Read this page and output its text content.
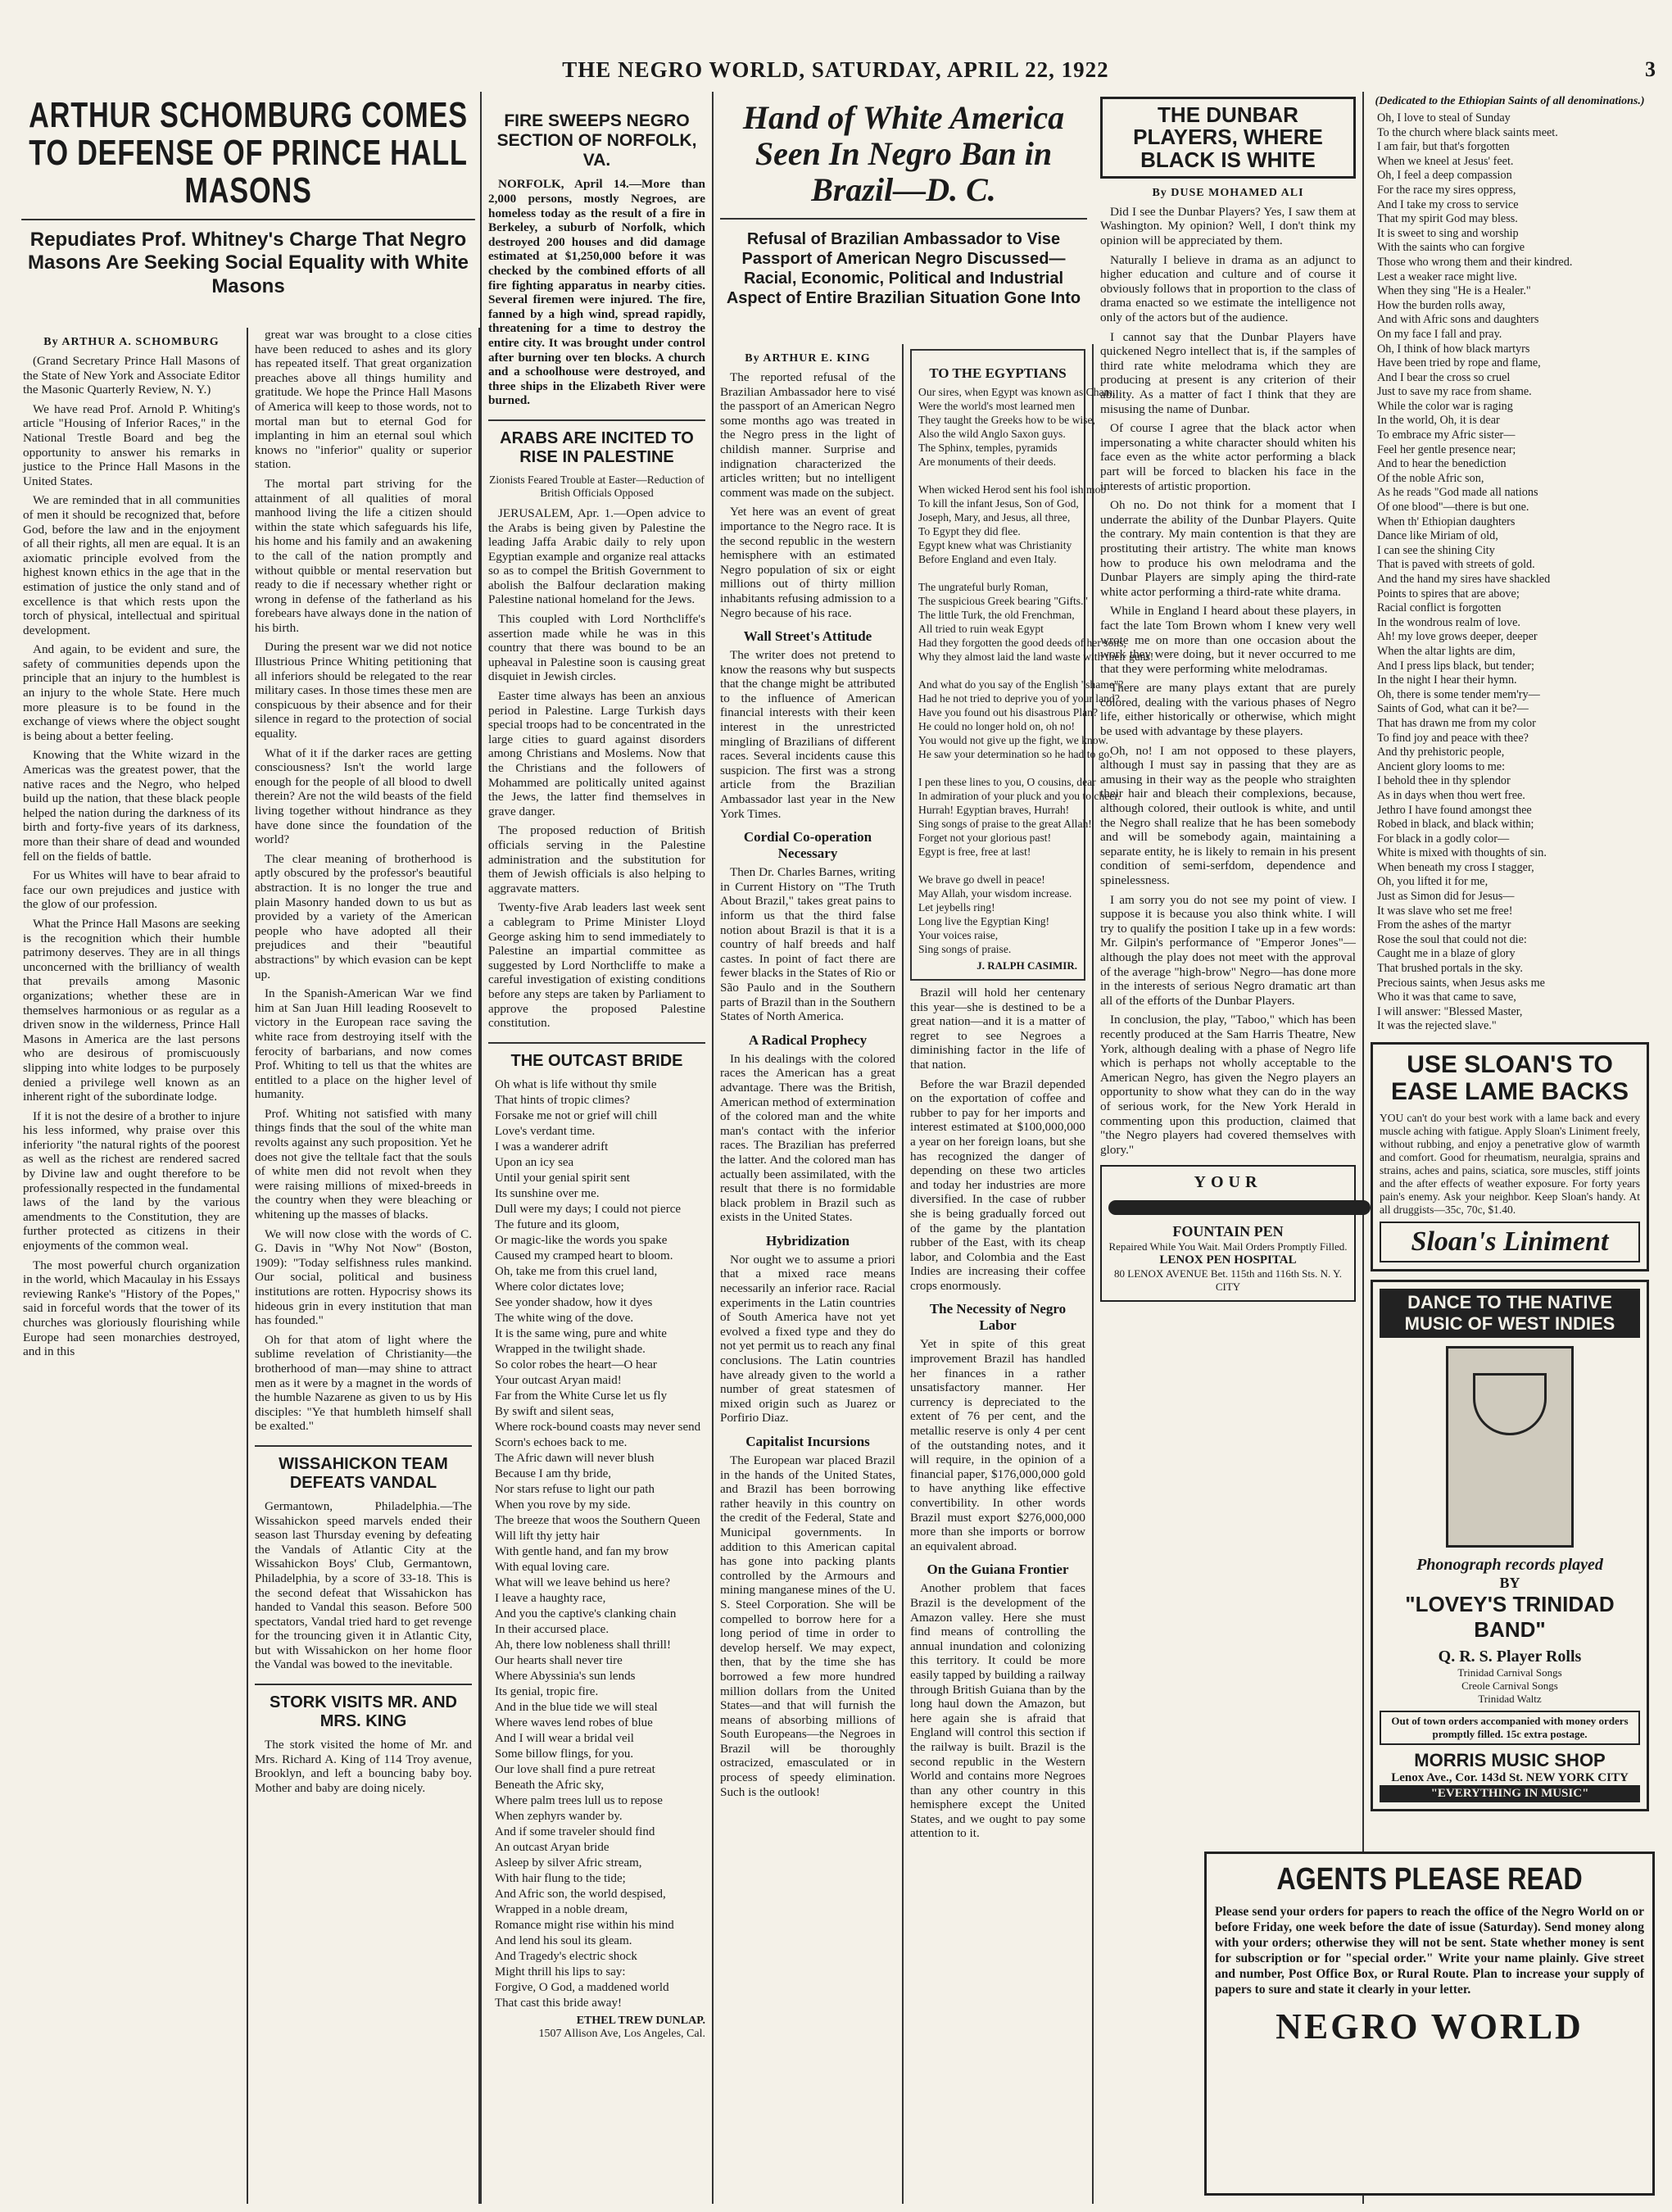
THE NEGRO WORLD, SATURDAY, APRIL 22, 1922	3
ARTHUR SCHOMBURG COMES TO DEFENSE OF PRINCE HALL MASONS
Repudiates Prof. Whitney's Charge That Negro Masons Are Seeking Social Equality with White Masons
By ARTHUR A. SCHOMBURG

(Grand Secretary Prince Hall Masons of the State of New York and Associate Editor the Masonic Quarterly Review, N. Y.)

We have read Prof. Arnold P. Whiting's article "Housing of Inferior Races," in the National Trestle Board and beg the opportunity to answer his remarks in justice to the Prince Hall Masons in the United States.

We are reminded that in all communities of men it should be recognized that, before God, before the law and in the enjoyment of all their rights, all men are equal. It is an axiomatic principle evolved from the highest known ethics in the age that in the estimation of justice the only stand and of excellence is that which rests upon the torch of physical, intellectual and spiritual development.

And again, to be evident and sure, the safety of communities depends upon the principle that an injury to the humblest is an injury to the whole State. Here much more pleasure is to be found in the exchange of views where the object sought is being about a better feeling.

Knowing that the White wizard in the Americas was the greatest power, that the native races and the Negro, who helped build up the nation, that these black people helped the nation during the darkness of its birth and forty-five years of its darkness, more than their share of dead and wounded fell on the fields of battle.

For us Whites will have to bear afraid to face our own prejudices and justice with the glow of our profession.

What the Prince Hall Masons are seeking is the recognition which their humble patrimony deserves. They are in all things unconcerned with the brilliancy of wealth that prevails among Masonic organizations; whether these are in themselves harmonious or as regular as a driven snow in the wilderness, Prince Hall Masons in America are the last persons who are desirous of promiscuously slipping into white lodges to be purposely denied a privilege well known as an inherent right of the subordinate lodge.

If it is not the desire of a brother to injure his less informed, why praise over this inferiority "the natural rights of the poorest as well as the richest are rendered sacred by Divine law and ought therefore to be professionally respected in the fundamental laws of the land by the various amendments to the Constitution, they are further protected as citizens in their enjoyments of the common weal.

The most powerful church organization in the world, which Macaulay in his Essays reviewing Ranke's "History of the Popes," said in forceful words that the tower of its churches was gloriously flourishing while Europe had seen monarchies destroyed, and in this

great war was brought to a close cities have been reduced to ashes and its glory has repeated itself. That great organization preaches above all things humility and gratitude. We hope the Prince Hall Masons of America will keep to those words, not to mortal man but to eternal God for implanting in him an eternal soul which knows no "inferior" quality or superior station.

The mortal part striving for the attainment of all qualities of moral manhood living the life a citizen should within the state which safeguards his life, his home and his family and an awakening to the call of the nation promptly and without quibble or mental reservation but ready to die if necessary whether right or wrong in defense of the fatherland as his forebears have always done in the nation of his birth.

During the present war we did not notice Illustrious Prince Whiting petitioning that all inferiors should be relegated to the rear military cases. In those times these men are conspicuous by their absence and for their silence in regard to the protection of social equality.

What of it if the darker races are getting consciousness? Isn't the world large enough for the people of all blood to dwell therein? Are not the wild beasts of the field living together without hindrance as they have done since the foundation of the world?

The clear meaning of brotherhood is aptly obscured by the professor's beautiful abstraction. It is no longer the true and plain Masonry handed down to us but as provided by a variety of the American people who have adopted all their prejudices and their "beautiful abstractions" by which evasion can be kept up.

In the Spanish-American War we find him at San Juan Hill leading Roosevelt to victory in the European race saving the white race from destroying itself with the ferocity of barbarians, and now comes Prof. Whiting to tell us that the whites are entitled to a place on the higher level of humanity.

Prof. Whiting not satisfied with many things finds that the soul of the white man revolts against any such proposition. Yet he does not give the telltale fact that the souls of white men did not revolt when they were raising millions of mixed-breeds in the country when they were bleaching or whitening up the masses of blacks.

We will now close with the words of C. G. Davis in "Why Not Now" (Boston, 1909): "Today selfishness rules mankind. Our social, political and business institutions are rotten. Hypocrisy shows its hideous grin in every institution that man has founded."

Oh for that atom of light where the sublime revelation of Christianity—the brotherhood of man—may shine to attract men as it were by a magnet in the words of the humble Nazarene as given to us by His disciples: "Ye that humbleth himself shall be exalted."

WISSAHICKON TEAM DEFEATS VANDAL

Germantown, Philadelphia.—The Wissahickon speed marvels ended their season last Thursday evening by defeating the Vandals of Atlantic City at the Wissahickon Boys' Club, Germantown, Philadelphia, by a score of 33-18. This is the second defeat that Wissahickon has handed to Vandal this season. Before 500 spectators, Vandal tried hard to get revenge for the trouncing given it in Atlantic City, but with Wissahickon on her home floor the Vandal was bowed to the inevitable.

STORK VISITS MR. AND MRS. KING

The stork visited the home of Mr. and Mrs. Richard A. King of 114 Troy avenue, Brooklyn, and left a bouncing baby boy. Mother and baby are doing nicely.

FIRE SWEEPS NEGRO SECTION OF NORFOLK, VA.

NORFOLK, April 14.—More than 2,000 persons, mostly Negroes, are homeless today as the result of a fire in Berkeley, a suburb of Norfolk, which destroyed 200 houses and did damage estimated at $1,250,000 before it was checked by the combined efforts of all fire fighting apparatus in nearby cities. Several firemen were injured. The fire, fanned by a high wind, spread rapidly, threatening for a time to destroy the entire city. It was brought under control after burning over ten blocks. A church and a schoolhouse were destroyed, and three ships in the Elizabeth River were burned.

ARABS ARE INCITED TO RISE IN PALESTINE
Zionists Feared Trouble at Easter—Reduction of British Officials Opposed

JERUSALEM, Apr. 1.—Open advice to the Arabs is being given by Palestine the leading Jaffa Arabic daily to rely upon Egyptian example and organize real attacks so as to compel the British Government to abolish the Balfour declaration making Palestine national homeland for the Jews.

This coupled with Lord Northcliffe's assertion made while he was in this country that there was bound to be an upheaval in Palestine soon is causing great disquiet in Jewish circles.

Easter time always has been an anxious period in Palestine. Large Turkish days special troops had to be concentrated in the large cities to guard against disorders among Christians and Moslems. Now that the Christians and the followers of Mohammed are politically united against the Jews, the latter find themselves in grave danger.

The proposed reduction of British officials serving in the Palestine administration and the substitution for them of Jewish officials is also helping to aggravate matters.

Twenty-five Arab leaders last week sent a cablegram to Prime Minister Lloyd George asking him to send immediately to Palestine an impartial committee as suggested by Lord Northcliffe to make a careful investigation of existing conditions before any steps are taken by Parliament to approve the proposed Palestine constitution.

THE OUTCAST BRIDE
Oh what is life without thy smile
That hints of tropic climes?
Forsake me not or grief will chill
Love's verdant time.
I was a wanderer adrift
Upon an icy sea
Until your genial spirit sent
Its sunshine over me.
Dull were my days; I could not pierce
The future and its gloom,
Or magic-like the words you spake
Caused my cramped heart to bloom.
Oh, take me from this cruel land,
Where color dictates love;
See yonder shadow, how it dyes
The white wing of the dove.
It is the same wing, pure and white
Wrapped in the twilight shade.
So color robes the heart—O hear
Your outcast Aryan maid!
Far from the White Curse let us fly
By swift and silent seas,
Where rock-bound coasts may never send
Scorn's echoes back to me.
The Afric dawn will never blush
Because I am thy bride,
Nor stars refuse to light our path
When you rove by my side.
The breeze that woos the Southern Queen
Will lift thy jetty hair
With gentle hand, and fan my brow
With equal loving care.
What will we leave behind us here?
I leave a haughty race,
And you the captive's clanking chain
In their accursed place.
Ah, there low nobleness shall thrill!
Our hearts shall never tire
Where Abyssinia's sun lends
Its genial, tropic fire.
And in the blue tide we will steal
Where waves lend robes of blue
And I will wear a bridal veil
Some billow flings, for you.
Our love shall find a pure retreat
Beneath the Afric sky,
Where palm trees lull us to repose
When zephyrs wander by.
And if some traveler should find
An outcast Aryan bride
Asleep by silver Afric stream,
With hair flung to the tide;
And Afric son, the world despised,
Wrapped in a noble dream,
Romance might rise within his mind
And lend his soul its gleam.
And Tragedy's electric shock
Might thrill his lips to say:
Forgive, O God, a maddened world
That cast this bride away!
ETHEL TREW DUNLAP.
1507 Allison Ave, Los Angeles, Cal.
Hand of White America Seen In Negro Ban in Brazil—D. C.
Refusal of Brazilian Ambassador to Vise Passport of American Negro Discussed—Racial, Economic, Political and Industrial Aspect of Entire Brazilian Situation Gone Into
By ARTHUR E. KING

The reported refusal of the Brazilian Ambassador here to visé the passport of an American Negro some months ago was treated in the Negro press in the light of childish manner. Surprise and indignation characterized the articles written; but no intelligent comment was made on the subject.

Yet here was an event of great importance to the Negro race. It is the second republic in the western hemisphere with an estimated Negro population of six or eight millions out of thirty million inhabitants refusing admission to a Negro because of his race.

Wall Street's Attitude

The writer does not pretend to know the reasons why but suspects that the change might be attributed to the influence of American financial interests with their keen interest in the unrestricted mingling of Brazilians of different races. Several incidents cause this suspicion. The first was a strong article from the Brazilian Ambassador last year in the New York Times.

Cordial Co-operation Necessary

Then Dr. Charles Barnes, writing in Current History on "The Truth About Brazil," takes great pains to inform us that the third false notion about Brazil is that it is a country of half breeds and half castes. In point of fact there are fewer blacks in the States of Rio or São Paulo and in the Southern parts of Brazil than in the Southern States of North America.

A Radical Prophecy

In his dealings with the colored races the American has a great advantage. There was the British, American method of extermination of the colored man and the white man's contact with the inferior races. The Brazilian has preferred the latter. And the colored man has actually been assimilated, with the result that there is no formidable black problem in Brazil such as exists in the United States.

Hybridization

Nor ought we to assume a priori that a mixed race means necessarily an inferior race. Racial experiments in the Latin countries of South America have not yet evolved a fixed type and they do not yet permit us to reach any final conclusions. The Latin countries have already given to the world a number of great statesmen of mixed origin such as Juarez or Porfirio Diaz.

Capitalist Incursions

The European war placed Brazil in the hands of the United States, and Brazil has been borrowing rather heavily in this country on the credit of the Federal, State and Municipal governments. In addition to this American capital has gone into packing plants controlled by the Armours and mining manganese mines of the U. S. Steel Corporation. She will be compelled to borrow here for a long period of time in order to develop herself. We may expect, then, that by the time she has borrowed a few more hundred million dollars from the United States—and that will furnish the means of absorbing millions of South Europeans—the Negroes in Brazil will be thoroughly ostracized, emasculated or in process of speedy elimination. Such is the outlook!

TO THE EGYPTIANS
Our sires, when Egypt was known as Cham,
Were the world's most learned men
They taught the Greeks how to be wise,
Also the wild Anglo Saxon guys.
The Sphinx, temples, pyramids
Are monuments of their deeds.

When wicked Herod sent his fool ish mob
To kill the infant Jesus, Son of God,
Joseph, Mary, and Jesus, all three,
To Egypt they did flee.
Egypt knew what was Christianity
Before England and even Italy.

The ungrateful burly Roman,
The suspicious Greek bearing "Gifts."
The little Turk, the old Frenchman,
All tried to ruin weak Egypt
Had they forgotten the good deeds of her sons,
Why they almost laid the land waste with their guns!

And what do you say of the English "shame"?
Had he not tried to deprive you of your land?
Have you found out his disastrous Plan?
He could no longer hold on, oh no!
You would not give up the fight, we know.
He saw your determination so he had to go.

I pen these lines to you, O cousins, dear
In admiration of your pluck and you to cheer.
Hurrah! Egyptian braves, Hurrah!
Sing songs of praise to the great Allah!
Forget not your glorious past!
Egypt is free, free at last!

We brave go dwell in peace!
May Allah, your wisdom increase.
Let jeybells ring!
Long live the Egyptian King!
Your voices raise,
Sing songs of praise.
J. RALPH CASIMIR.

Brazil will hold her centenary this year—she is destined to be a great nation—and it is a matter of regret to see Negroes a diminishing factor in the life of that nation.

Before the war Brazil depended on the exportation of coffee and rubber to pay for her imports and interest estimated at $100,000,000 a year on her foreign loans, but she has recognized the danger of depending on these two articles and today her industries are more diversified. In the case of rubber she is being gradually forced out of the game by the plantation rubber of the East, with its cheap labor, and Colombia and the East Indies are increasing their coffee crops enormously.

The Necessity of Negro Labor

Yet in spite of this great improvement Brazil has handled her finances in a rather unsatisfactory manner. Her currency is depreciated to the extent of 76 per cent, and the metallic reserve is only 4 per cent of the outstanding notes, and it will require, in the opinion of a financial paper, $176,000,000 gold to have anything like effective convertibility. In other words Brazil must export $276,000,000 more than she imports or borrow an equivalent abroad.

On the Guiana Frontier

Another problem that faces Brazil is the development of the Amazon valley. Here she must find means of controlling the annual inundation and colonizing this territory. It could be more easily tapped by building a railway through British Guiana than by the long haul down the Amazon, but here again she is afraid that England will control this section if the railway is built. Brazil is the second republic in the Western World and contains more Negroes than any other country in this hemisphere except the United States, and we ought to pay some attention to it.

THE DUNBAR PLAYERS, WHERE BLACK IS WHITE
By DUSE MOHAMED ALI

Did I see the Dunbar Players? Yes, I saw them at Washington. My opinion? Well, I don't think my opinion will be appreciated by them.

Naturally I believe in drama as an adjunct to higher education and culture and of course it obviously follows that in proportion to the class of drama enacted so we estimate the intelligence not only of the actors but of the audience.

I cannot say that the Dunbar Players have quickened Negro intellect that is, if the samples of third rate white melodrama which they are producing at present is any criterion of their ability. As a matter of fact I think that they are misusing the name of Dunbar.

Of course I agree that the black actor when impersonating a white character should whiten his face even as the white actor performing a black part will be forced to blacken his face in the interests of artistic proportion.

Oh no. Do not think for a moment that I underrate the ability of the Dunbar Players. Quite the contrary. My main contention is that they are prostituting their artistry. The white man knows how to produce his own melodrama and the Dunbar Players are simply aping the third-rate white actor performing a third-rate white drama.

While in England I heard about these players, in fact the late Tom Brown whom I knew very well wrote me on more than one occasion about the work they were doing, but it never occurred to me that they were performing white melodramas.

There are many plays extant that are purely colored, dealing with the various phases of Negro life, either historically or otherwise, which might be used with advantage by these players.

Oh, no! I am not opposed to these players, although I must say in passing that they are as amusing in their way as the people who straighten their hair and bleach their complexions, because, although colored, their outlook is white, and until the Negro shall realize that he has been somebody and will be somebody again, maintaining a separate entity, he is likely to remain in his present condition of semi-serfdom, dependence and spinelessness.

I am sorry you do not see my point of view. I suppose it is because you also think white. I will try to qualify the position I take up in a few words: Mr. Gilpin's performance of "Emperor Jones"—although the play does not meet with the approval of the average "high-brow" Negro—has done more in the interests of serious Negro dramatic art than all of the efforts of the Dunbar Players.

In conclusion, the play, "Taboo," which has been recently produced at the Sam Harris Theatre, New York, although dealing with a phase of Negro life which is perhaps not wholly acceptable to the American Negro, has given the Negro players an opportunity to show what they can do in the way of serious work, for the New York Herald in commenting upon this production, claimed that "the Negro players had covered themselves with glory."

YOUR
FOUNTAIN PEN
Repaired While You Wait. Mail Orders Promptly Filled.
LENOX PEN HOSPITAL
80 LENOX AVENUE Bet. 115th and 116th Sts. N. Y. CITY
(Dedicated to the Ethiopian Saints of all denominations.)
Oh, I love to steal of Sunday
To the church where black saints meet.
I am fair, but that's forgotten
When we kneel at Jesus' feet.
Oh, I feel a deep compassion
For the race my sires oppress,
And I take my cross to service
That my spirit God may bless.
It is sweet to sing and worship
With the saints who can forgive
Those who wrong them and their kindred.
Lest a weaker race might live.
When they sing "He is a Healer."
How the burden rolls away,
And with Afric sons and daughters
On my face I fall and pray.
Oh, I think of how black martyrs
Have been tried by rope and flame,
And I bear the cross so cruel
Just to save my race from shame.
While the color war is raging
In the world, Oh, it is dear
To embrace my Afric sister—
Feel her gentle presence near;
And to hear the benediction
Of the noble Afric son,
As he reads "God made all nations
Of one blood"—there is but one.
When th' Ethiopian daughters
Dance like Miriam of old,
I can see the shining City
That is paved with streets of gold.
And the hand my sires have shackled
Points to spires that are above;
Racial conflict is forgotten
In the wondrous realm of love.
Ah! my love grows deeper, deeper
When the altar lights are dim,
And I press lips black, but tender;
In the night I hear their hymn.
Oh, there is some tender mem'ry—
Saints of God, what can it be?—
That has drawn me from my color
To find joy and peace with thee?
And thy prehistoric people,
Ancient glory looms to me:
I behold thee in thy splendor
As in days when thou wert free.
Jethro I have found amongst thee
Robed in black, and black within;
For black in a godly color—
White is mixed with thoughts of sin.
When beneath my cross I stagger,
Oh, you lifted it for me,
Just as Simon did for Jesus—
It was slave who set me free!
From the ashes of the martyr
Rose the soul that could not die:
Caught me in a blaze of glory
That brushed portals in the sky.
Precious saints, when Jesus asks me
Who it was that came to save,
I will answer: "Blessed Master,
It was the rejected slave."
USE SLOAN'S TO EASE LAME BACKS

YOU can't do your best work with a lame back and every muscle aching with fatigue. Apply Sloan's Liniment freely, without rubbing, and enjoy a penetrative glow of warmth and comfort. Good for rheumatism, neuralgia, sprains and strains, aches and pains, sciatica, sore muscles, stiff joints and the after effects of weather exposure. For forty years pain's enemy. Ask your neighbor. Keep Sloan's handy. At all druggists—35c, 70c, $1.40.

Sloan's Liniment
DANCE TO THE NATIVE MUSIC OF WEST INDIES
Phonograph records played
BY
"LOVEY'S TRINIDAD BAND"
Q. R. S. Player Rolls
Trinidad Carnival Songs
Creole Carnival Songs
Trinidad Waltz
Out of town orders accompanied with money orders promptly filled. 15c extra postage.
MORRIS MUSIC SHOP
Lenox Ave., Cor. 143d St. NEW YORK CITY
"EVERYTHING IN MUSIC"
AGENTS PLEASE READ

Please send your orders for papers to reach the office of the Negro World on or before Friday, one week before the date of issue (Saturday). Send money along with your orders; otherwise they will not be sent. State whether money is sent for subscription or for "special order." Write your name plainly. Give street and number, Post Office Box, or Rural Route. Plan to increase your supply of papers to sure and state it clearly in your letter.

NEGRO WORLD
